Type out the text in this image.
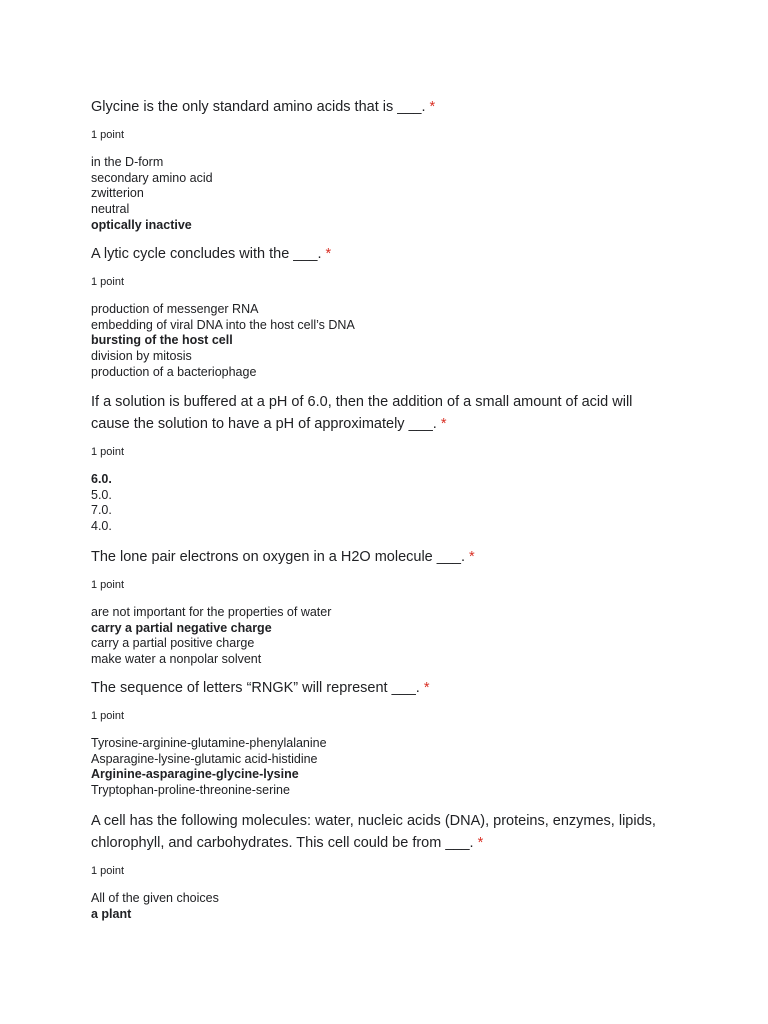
Glycine is the only standard amino acids that is ___. *

1 point
in the D-form
secondary amino acid
zwitterion
neutral
optically inactive

A lytic cycle concludes with the ___. *

1 point
production of messenger RNA
embedding of viral DNA into the host cell’s DNA
bursting of the host cell
division by mitosis
production of a bacteriophage

If a solution is buffered at a pH of 6.0, then the addition of a small amount of acid will cause the solution to have a pH of approximately ___. *

1 point
6.0.
5.0.
7.0.
4.0.

The lone pair electrons on oxygen in a H2O molecule ___. *

1 point
are not important for the properties of water
carry a partial negative charge
carry a partial positive charge
make water a nonpolar solvent

The sequence of letters “RNGK” will represent ___. *

1 point
Tyrosine-arginine-glutamine-phenylalanine
Asparagine-lysine-glutamic acid-histidine
Arginine-asparagine-glycine-lysine
Tryptophan-proline-threonine-serine

A cell has the following molecules: water, nucleic acids (DNA), proteins, enzymes, lipids, chlorophyll, and carbohydrates. This cell could be from ___. *

1 point
All of the given choices
a plant
